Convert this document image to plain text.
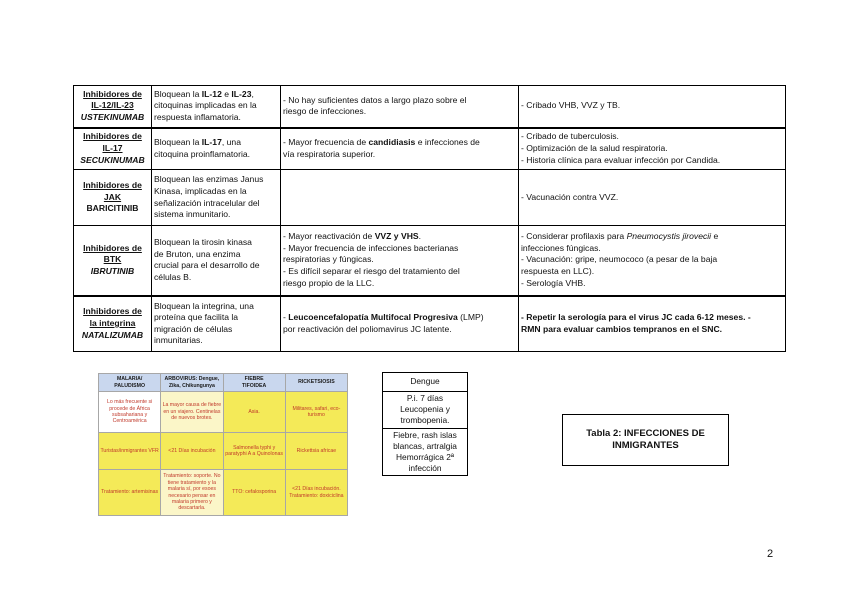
Inhibidores de
IL-12/IL-23
USTEKINUMAB	Bloquean la IL-12 e IL-23,
citoquinas implicadas en la
respuesta inflamatoria.	- No hay suficientes datos a largo plazo sobre el
riesgo de infecciones.	- Cribado VHB, VVZ y TB.

Inhibidores de
IL-17
SECUKINUMAB	Bloquean la IL-17, una
citoquina proinflamatoria.	- Mayor frecuencia de candidiasis e infecciones de
vía respiratoria superior.	- Cribado de tuberculosis.
- Optimización de la salud respiratoria.
- Historia clínica para evaluar infección por Candida.

Inhibidores de
JAK
BARICITINIB	Bloquean las enzimas Janus
Kinasa, implicadas en la
señalización intracelular del
sistema inmunitario.		- Vacunación contra VVZ.

Inhibidores de
BTK
IBRUTINIB	Bloquean la tirosin kinasa
de Bruton, una enzima
crucial para el desarrollo de
células B.	- Mayor reactivación de VVZ y VHS.
- Mayor frecuencia de infecciones bacterianas
respiratorias y fúngicas.
- Es difícil separar el riesgo del tratamiento del
riesgo propio de la LLC.	- Considerar profilaxis para Pneumocystis jirovecii e
infecciones fúngicas.
- Vacunación: gripe, neumococo (a pesar de la baja
respuesta en LLC).
- Serología VHB.

Inhibidores de
la integrina
NATALIZUMAB	Bloquean la integrina, una
proteína que facilita la
migración de células
inmunitarias.	- Leucoencefalopatía Multifocal Progresiva (LMP)
por reactivación del poliomavirus JC latente.	- Repetir la serología para el virus JC cada 6-12 meses. -
RMN para evaluar cambios tempranos en el SNC.
MALARIA/
PALUDISMO	ARBOVIRUS: Dengue,
Zika, Chikungunya	FIEBRE
TIFOIDEA	RICKETSIOSIS
Lo más frecuente si procede de África subsahariana y Centroamérica	La mayor causa de fiebre en un viajero. Centinelas de nuevos brotes.	Asia.	Militares, safari, eco-turismo
Turistas/inmigrantes VFR	<21 Días incubación	Salmonella typhi y paratyphi A a Quinolonas	Rickettsia africae
Tratamiento: artemisinas	Tratamiento: soporte. No tiene tratamiento y la malaria sí, por esoes necesario pensar en malaria primero y descartarla.	TTO: cefalosporina	<21 Días incubación. Tratamiento: doxiciclina
Dengue

P.i. 7 días
Leucopenia y
trombopenia.

Fiebre, rash islas
blancas, artralgia
Hemorrágica 2ª
infección
Tabla 2: INFECCIONES DE
INMIGRANTES
2
